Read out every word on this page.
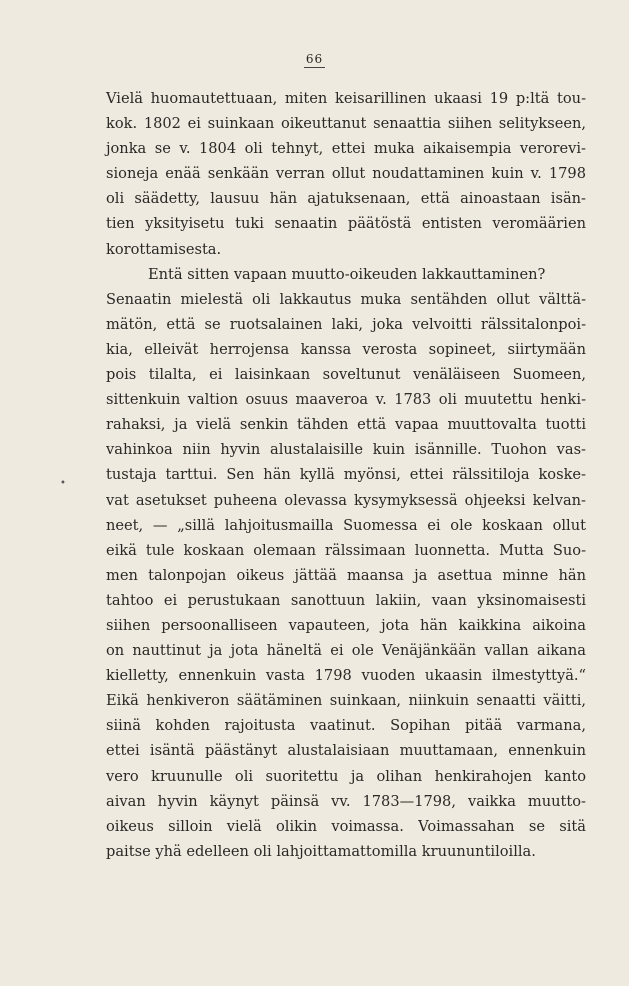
66
•
Vielä huomautettuaan, miten keisarillinen ukaasi 19 p:ltä tou-
kok. 1802 ei suinkaan oikeuttanut senaattia siihen selitykseen,
jonka se v. 1804 oli tehnyt, ettei muka aikaisempia verorevi-
sioneja enää senkään verran ollut noudattaminen kuin v. 1798
oli säädetty, lausuu hän ajatuksenaan, että ainoastaan isän-
tien yksityisetu tuki senaatin päätöstä entisten veromäärien
korottamisesta.
Entä sitten vapaan muutto-oikeuden lakkauttaminen?
Senaatin mielestä oli lakkautus muka sentähden ollut välttä-
mätön, että se ruotsalainen laki, joka velvoitti rälssitalonpoi-
kia, elleivät herrojensa kanssa verosta sopineet, siirtymään
pois tilalta, ei laisinkaan soveltunut venäläiseen Suomeen,
sittenkuin valtion osuus maaveroa v. 1783 oli muutettu henki-
rahaksi, ja vielä senkin tähden että vapaa muuttovalta tuotti
vahinkoa niin hyvin alustalaisille kuin isännille. Tuohon vas-
tustaja tarttui. Sen hän kyllä myönsi, ettei rälssitiloja koske-
vat asetukset puheena olevassa kysymyksessä ohjeeksi kelvan-
neet, — „sillä lahjoitusmailla Suomessa ei ole koskaan ollut
eikä tule koskaan olemaan rälssimaan luonnetta. Mutta Suo-
men talonpojan oikeus jättää maansa ja asettua minne hän
tahtoo ei perustukaan sanottuun lakiin, vaan yksinomaisesti
siihen persoonalliseen vapauteen, jota hän kaikkina aikoina
on nauttinut ja jota häneltä ei ole Venäjänkään vallan aikana
kielletty, ennenkuin vasta 1798 vuoden ukaasin ilmestyttyä.“
Eikä henkiveron säätäminen suinkaan, niinkuin senaatti väitti,
siinä kohden rajoitusta vaatinut. Sopihan pitää varmana,
ettei isäntä päästänyt alustalaisiaan muuttamaan, ennenkuin
vero kruunulle oli suoritettu ja olihan henkirahojen kanto
aivan hyvin käynyt päinsä vv. 1783—1798, vaikka muutto-
oikeus silloin vielä olikin voimassa. Voimassahan se sitä
paitse yhä edelleen oli lahjoittamattomilla kruununtiloilla.
